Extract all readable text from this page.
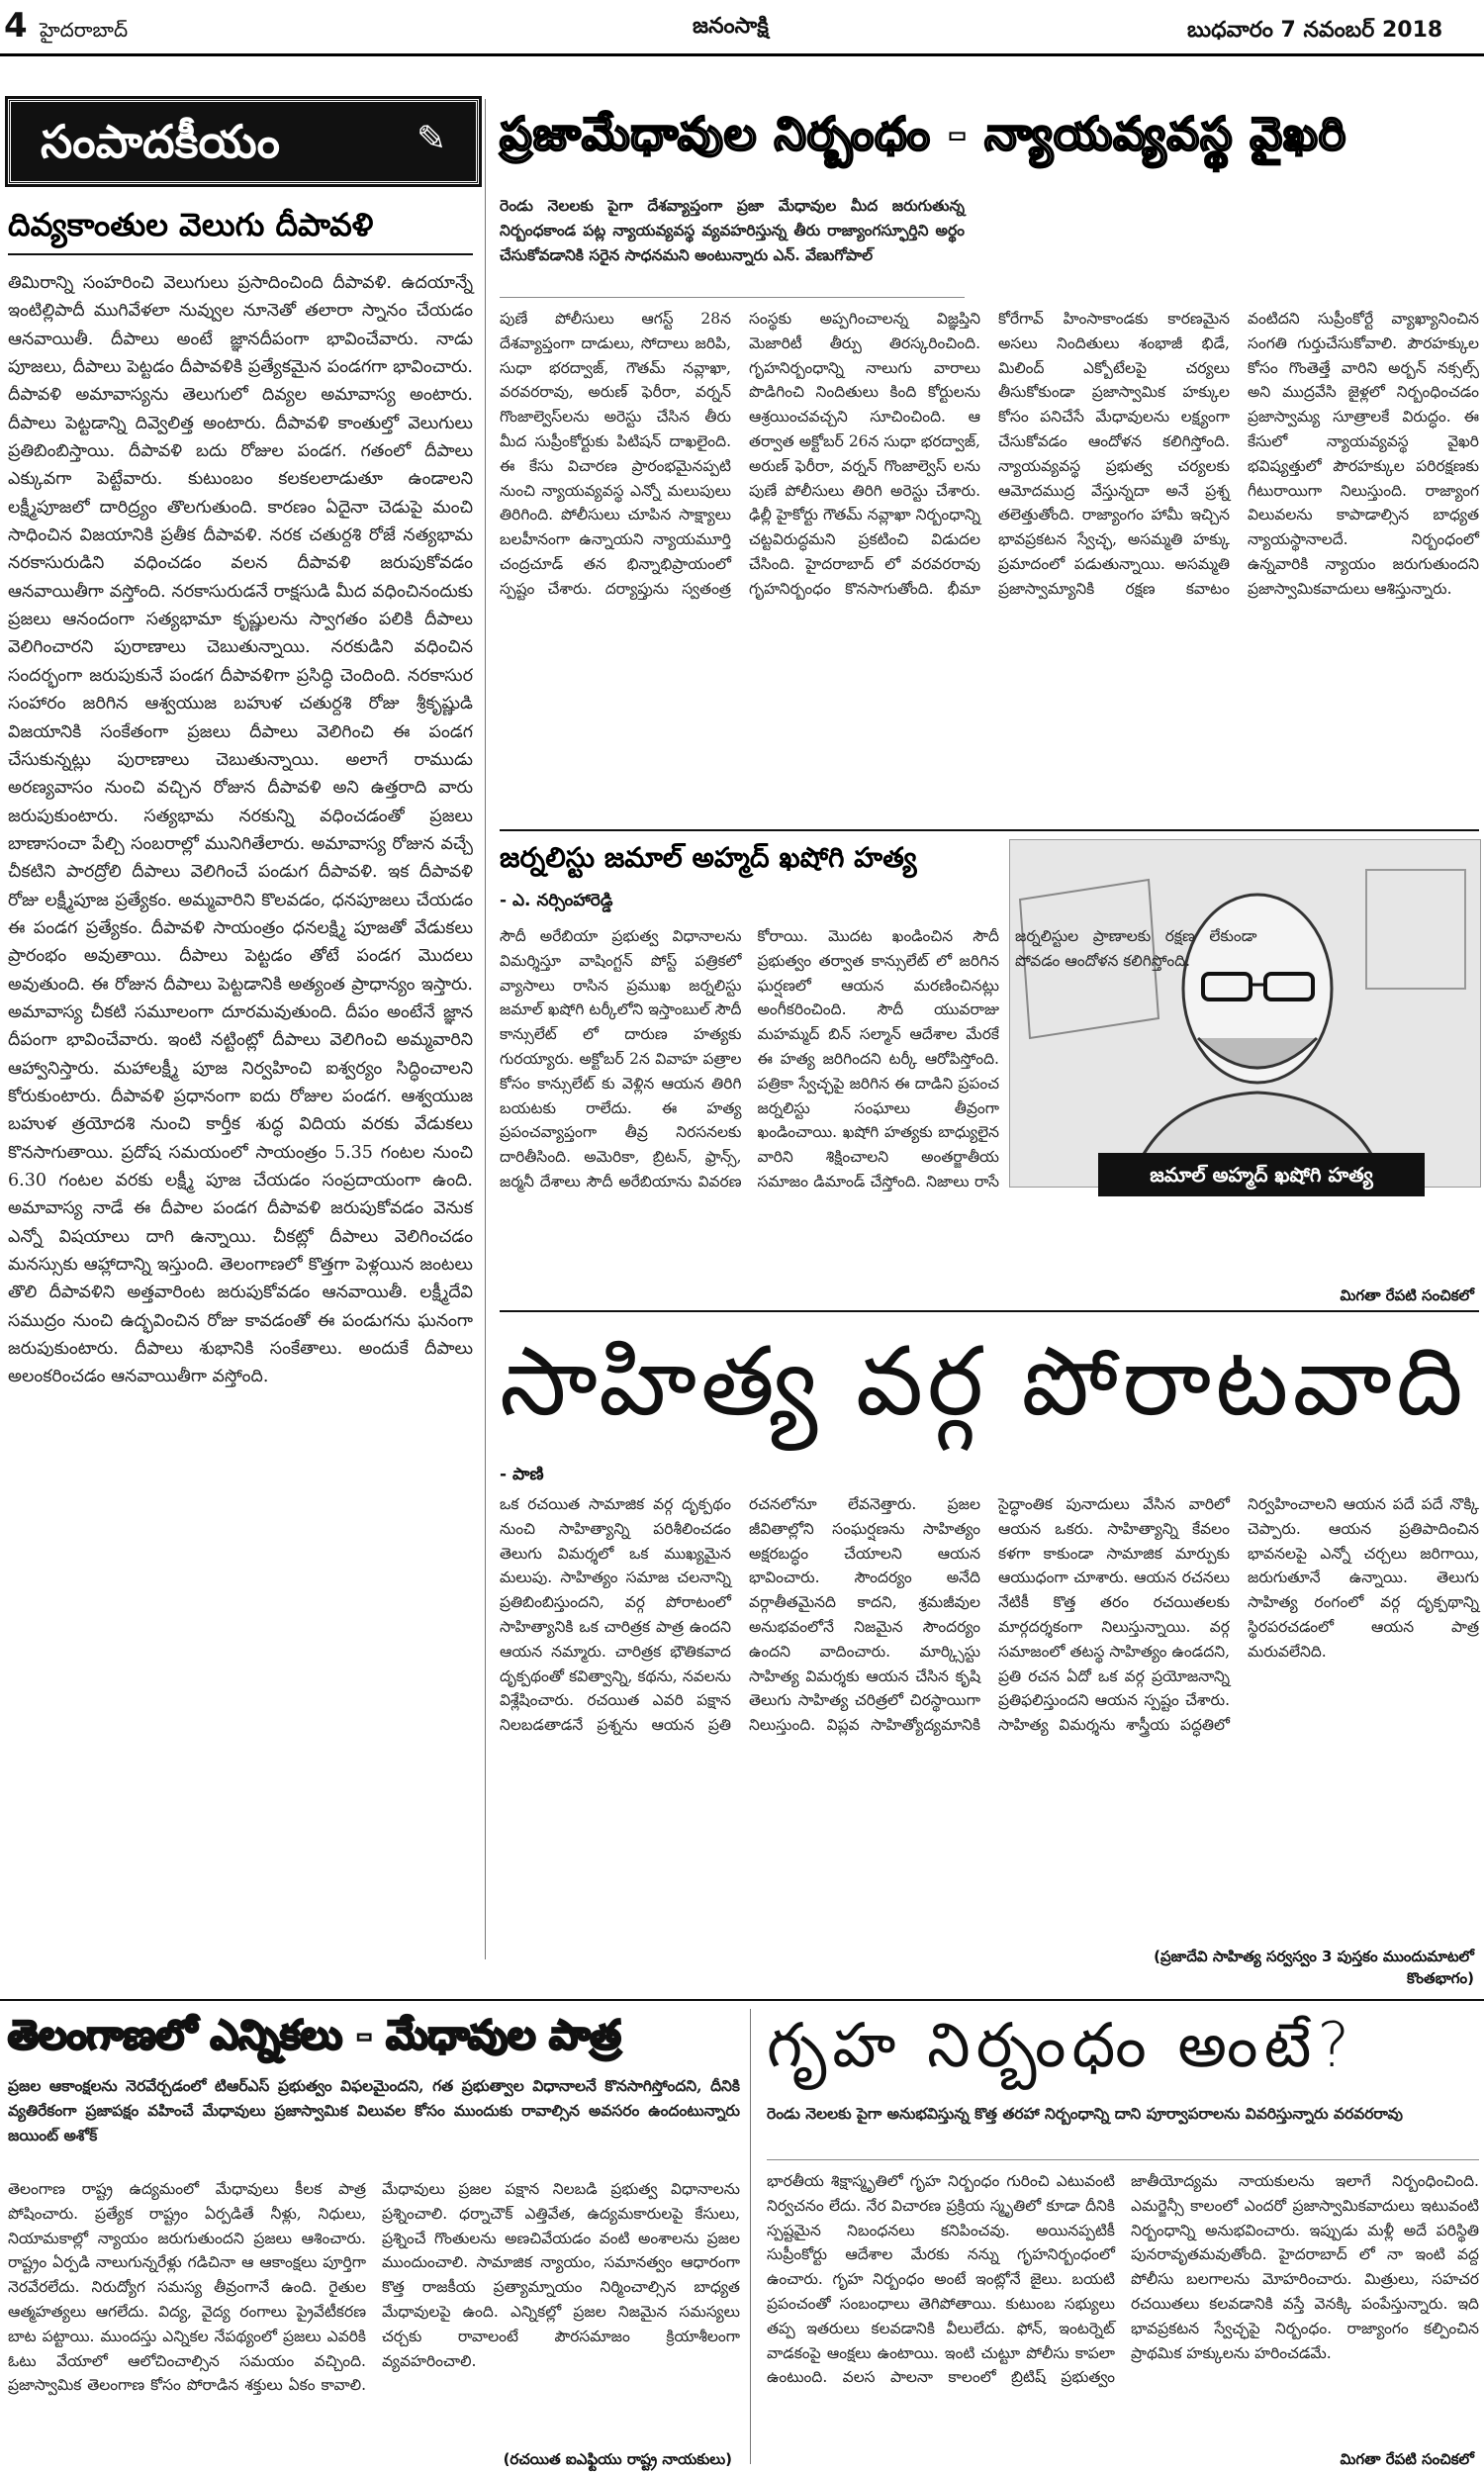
4 హైదరాబాద్	జనంసాక్షి	బుధవారం 7 నవంబర్ 2018
సంపాదకీయం	✎
దివ్యకాంతుల వెలుగు దీపావళి
తిమిరాన్ని సంహరించి వెలుగులు ప్రసాదించింది దీపావళి. ఉదయాన్నే ఇంటిల్లిపాదీ ముగివేళలా నువ్వుల నూనెతో తలారా స్నానం చేయడం ఆనవాయితీ. దీపాలు అంటే జ్ఞానదీపంగా భావించేవారు. నాడు పూజలు, దీపాలు పెట్టడం దీపావళికి ప్రత్యేకమైన పండగగా భావించారు. దీపావళి అమావాస్యను తెలుగులో దివ్యల అమావాస్య అంటారు. దీపాలు పెట్టడాన్ని దివ్వెలిత్త అంటారు. దీపావళి కాంతుల్తో వెలుగులు ప్రతిబింబిస్తాయి. దీపావళి బదు రోజుల పండగ. గతంలో దీపాలు ఎక్కువగా పెట్టేవారు. కుటుంబం కలకలలాడుతూ ఉండాలని లక్ష్మీపూజలో దారిద్ర్యం తొలగుతుంది. కారణం ఏదైనా చెడుపై మంచి సాధించిన విజయానికి ప్రతీక దీపావళి. నరక చతుర్దశి రోజే నత్యభామ నరకాసురుడిని వధించడం వలన దీపావళి జరుపుకోవడం ఆనవాయితీగా వస్తోంది. నరకాసురుడనే రాక్షసుడి మీద వధించినందుకు ప్రజలు ఆనందంగా సత్యభామా కృష్ణులను స్వాగతం పలికి దీపాలు వెలిగించారని పురాణాలు చెబుతున్నాయి. నరకుడిని వధించిన సందర్భంగా జరుపుకునే పండగ దీపావళిగా ప్రసిద్ధి చెందింది. నరకాసుర సంహారం జరిగిన ఆశ్వయుజ బహుళ చతుర్దశి రోజు శ్రీకృష్ణుడి విజయానికి సంకేతంగా ప్రజలు దీపాలు వెలిగించి ఈ పండగ చేసుకున్నట్లు పురాణాలు చెబుతున్నాయి. అలాగే రాముడు అరణ్యవాసం నుంచి వచ్చిన రోజున దీపావళి అని ఉత్తరాది వారు జరుపుకుంటారు. సత్యభామ నరకున్ని వధించడంతో ప్రజలు బాణాసంచా పేల్చి సంబరాల్లో మునిగితేలారు. అమావాస్య రోజున వచ్చే చీకటిని పారద్రోలి దీపాలు వెలిగించే పండుగ దీపావళి. ఇక దీపావళి రోజు లక్ష్మీపూజ ప్రత్యేకం. అమ్మవారిని కొలవడం, ధనపూజలు చేయడం ఈ పండగ ప్రత్యేకం. దీపావళి సాయంత్రం ధనలక్ష్మి పూజతో వేడుకలు ప్రారంభం అవుతాయి. దీపాలు పెట్టడం తోటే పండగ మొదలు అవుతుంది. ఈ రోజున దీపాలు పెట్టడానికి అత్యంత ప్రాధాన్యం ఇస్తారు. అమావాస్య చీకటి సమూలంగా దూరమవుతుంది. దీపం అంటేనే జ్ఞాన దీపంగా భావించేవారు. ఇంటి నట్టింట్లో దీపాలు వెలిగించి అమ్మవారిని ఆహ్వానిస్తారు. మహాలక్ష్మీ పూజ నిర్వహించి ఐశ్వర్యం సిద్ధించాలని కోరుకుంటారు. దీపావళి ప్రధానంగా ఐదు రోజుల పండగ. ఆశ్వయుజ బహుళ త్రయోదశి నుంచి కార్తీక శుద్ధ విదియ వరకు వేడుకలు కొనసాగుతాయి. ప్రదోష సమయంలో సాయంత్రం 5.35 గంటల నుంచి 6.30 గంటల వరకు లక్ష్మీ పూజ చేయడం సంప్రదాయంగా ఉంది. అమావాస్య నాడే ఈ దీపాల పండగ దీపావళి జరుపుకోవడం వెనుక ఎన్నో విషయాలు దాగి ఉన్నాయి. చీకట్లో దీపాలు వెలిగించడం మనస్సుకు ఆహ్లాదాన్ని ఇస్తుంది. తెలంగాణలో కొత్తగా పెళ్లయిన జంటలు తొలి దీపావళిని అత్తవారింట జరుపుకోవడం ఆనవాయితీ. లక్ష్మీదేవి సముద్రం నుంచి ఉద్భవించిన రోజు కావడంతో ఈ పండుగను ఘనంగా జరుపుకుంటారు. దీపాలు శుభానికి సంకేతాలు. అందుకే దీపాలు అలంకరించడం ఆనవాయితీగా వస్తోంది.
ప్రజామేధావుల నిర్బంధం - న్యాయవ్యవస్థ వైఖరి
రెండు నెలలకు పైగా దేశవ్యాప్తంగా ప్రజా మేధావుల మీద జరుగుతున్న నిర్బంధకాండ పట్ల న్యాయవ్యవస్థ వ్యవహరిస్తున్న తీరు రాజ్యాంగస్ఫూర్తిని అర్థం చేసుకోవడానికి సరైన సాధనమని అంటున్నారు ఎన్. వేణుగోపాల్
పుణే పోలీసులు ఆగస్ట్ 28న దేశవ్యాప్తంగా దాడులు, సోదాలు జరిపి, సుధా భరద్వాజ్, గౌతమ్ నవ్లాఖా, వరవరరావు, అరుణ్ ఫెరీరా, వర్నన్ గొంజాల్వెస్‌లను అరెస్టు చేసిన తీరు మీద సుప్రీంకోర్టుకు పిటిషన్ దాఖలైంది. ఈ కేసు విచారణ ప్రారంభమైనప్పటి నుంచి న్యాయవ్యవస్థ ఎన్నో మలుపులు తిరిగింది. పోలీసులు చూపిన సాక్ష్యాలు బలహీనంగా ఉన్నాయని న్యాయమూర్తి చంద్రచూడ్ తన భిన్నాభిప్రాయంలో స్పష్టం చేశారు. దర్యాప్తును స్వతంత్ర సంస్థకు అప్పగించాలన్న విజ్ఞప్తిని మెజారిటీ తీర్పు తిరస్కరించింది. గృహనిర్బంధాన్ని నాలుగు వారాలు పొడిగించి నిందితులు కింది కోర్టులను ఆశ్రయించవచ్చని సూచించింది. ఆ తర్వాత అక్టోబర్ 26న సుధా భరద్వాజ్, అరుణ్ ఫెరీరా, వర్నన్ గొంజాల్వెస్ లను పుణే పోలీసులు తిరిగి అరెస్టు చేశారు. ఢిల్లీ హైకోర్టు గౌతమ్ నవ్లాఖా నిర్బంధాన్ని చట్టవిరుద్ధమని ప్రకటించి విడుదల చేసింది. హైదరాబాద్ లో వరవరరావు గృహనిర్బంధం కొనసాగుతోంది. భీమా కోరేగావ్ హింసాకాండకు కారణమైన అసలు నిందితులు శంభాజీ భిడే, మిలింద్ ఎక్బోటేలపై చర్యలు తీసుకోకుండా ప్రజాస్వామిక హక్కుల కోసం పనిచేసే మేధావులను లక్ష్యంగా చేసుకోవడం ఆందోళన కలిగిస్తోంది. న్యాయవ్యవస్థ ప్రభుత్వ చర్యలకు ఆమోదముద్ర వేస్తున్నదా అనే ప్రశ్న తలెత్తుతోంది. రాజ్యాంగం హామీ ఇచ్చిన భావప్రకటన స్వేచ్ఛ, అసమ్మతి హక్కు ప్రమాదంలో పడుతున్నాయి. అసమ్మతి ప్రజాస్వామ్యానికి రక్షణ కవాటం వంటిదని సుప్రీంకోర్టే వ్యాఖ్యానించిన సంగతి గుర్తుచేసుకోవాలి. పౌరహక్కుల కోసం గొంతెత్తే వారిని అర్బన్ నక్సల్స్ అని ముద్రవేసి జైళ్లలో నిర్బంధించడం ప్రజాస్వామ్య సూత్రాలకే విరుద్ధం. ఈ కేసులో న్యాయవ్యవస్థ వైఖరి భవిష్యత్తులో పౌరహక్కుల పరిరక్షణకు గీటురాయిగా నిలుస్తుంది. రాజ్యాంగ విలువలను కాపాడాల్సిన బాధ్యత న్యాయస్థానాలదే. నిర్బంధంలో ఉన్నవారికి న్యాయం జరుగుతుందని ప్రజాస్వామికవాదులు ఆశిస్తున్నారు.
జర్నలిస్టు జమాల్ అహ్మద్ ఖషోగి హత్య
- ఎ. నర్సింహారెడ్డి
జమాల్ అహ్మద్ ఖషోగి హత్య
సౌదీ అరేబియా ప్రభుత్వ విధానాలను విమర్శిస్తూ వాషింగ్టన్ పోస్ట్ పత్రికలో వ్యాసాలు రాసిన ప్రముఖ జర్నలిస్టు జమాల్ ఖషోగి టర్కీలోని ఇస్తాంబుల్ సౌదీ కాన్సులేట్ లో దారుణ హత్యకు గురయ్యారు. అక్టోబర్ 2న వివాహ పత్రాల కోసం కాన్సులేట్ కు వెళ్లిన ఆయన తిరిగి బయటకు రాలేదు. ఈ హత్య ప్రపంచవ్యాప్తంగా తీవ్ర నిరసనలకు దారితీసింది. అమెరికా, బ్రిటన్, ఫ్రాన్స్, జర్మనీ దేశాలు సౌదీ అరేబియాను వివరణ కోరాయి. మొదట ఖండించిన సౌదీ ప్రభుత్వం తర్వాత కాన్సులేట్ లో జరిగిన ఘర్షణలో ఆయన మరణించినట్లు అంగీకరించింది. సౌదీ యువరాజు మహమ్మద్ బిన్ సల్మాన్ ఆదేశాల మేరకే ఈ హత్య జరిగిందని టర్కీ ఆరోపిస్తోంది. పత్రికా స్వేచ్ఛపై జరిగిన ఈ దాడిని ప్రపంచ జర్నలిస్టు సంఘాలు తీవ్రంగా ఖండించాయి. ఖషోగి హత్యకు బాధ్యులైన వారిని శిక్షించాలని అంతర్జాతీయ సమాజం డిమాండ్ చేస్తోంది. నిజాలు రాసే
మిగతా రేపటి సంచికలో
సాహిత్య వర్గ పోరాటవాది
- పాణి
ఒక రచయిత సామాజిక వర్గ దృక్పథం నుంచి సాహిత్యాన్ని పరిశీలించడం తెలుగు విమర్శలో ఒక ముఖ్యమైన మలుపు. సాహిత్యం సమాజ చలనాన్ని ప్రతిబింబిస్తుందని, వర్గ పోరాటంలో సాహిత్యానికి ఒక చారిత్రక పాత్ర ఉందని ఆయన నమ్మారు. చారిత్రక భౌతికవాద దృక్పథంతో కవిత్వాన్ని, కథను, నవలను విశ్లేషించారు. రచయిత ఎవరి పక్షాన నిలబడతాడనే ప్రశ్నను ఆయన ప్రతి రచనలోనూ లేవనెత్తారు. ప్రజల జీవితాల్లోని సంఘర్షణను సాహిత్యం అక్షరబద్ధం చేయాలని ఆయన భావించారు. సౌందర్యం అనేది వర్గాతీతమైనది కాదని, శ్రమజీవుల అనుభవంలోనే నిజమైన సౌందర్యం ఉందని వాదించారు. మార్క్సిస్టు సాహిత్య విమర్శకు ఆయన చేసిన కృషి తెలుగు సాహిత్య చరిత్రలో చిరస్థాయిగా నిలుస్తుంది. విప్లవ సాహిత్యోద్యమానికి సైద్ధాంతిక పునాదులు వేసిన వారిలో ఆయన ఒకరు. సాహిత్యాన్ని కేవలం కళగా కాకుండా సామాజిక మార్పుకు ఆయుధంగా చూశారు. ఆయన రచనలు నేటికీ కొత్త తరం రచయితలకు మార్గదర్శకంగా నిలుస్తున్నాయి. వర్గ సమాజంలో తటస్థ సాహిత్యం ఉండదని, ప్రతి రచన ఏదో ఒక వర్గ ప్రయోజనాన్ని ప్రతిఫలిస్తుందని ఆయన స్పష్టం చేశారు. సాహిత్య విమర్శను శాస్త్రీయ పద్ధతిలో నిర్వహించాలని ఆయన పదే పదే నొక్కి చెప్పారు. ఆయన ప్రతిపాదించిన భావనలపై ఎన్నో చర్చలు జరిగాయి, జరుగుతూనే ఉన్నాయి. తెలుగు సాహిత్య రంగంలో వర్గ దృక్పథాన్ని స్థిరపరచడంలో ఆయన పాత్ర మరువలేనిది.
(ప్రజాదేవి సాహిత్య సర్వస్వం 3 పుస్తకం ముందుమాటలో కొంతభాగం)
తెలంగాణలో ఎన్నికలు - మేధావుల పాత్ర
ప్రజల ఆకాంక్షలను నెరవేర్చడంలో టిఆర్ఎస్ ప్రభుత్వం విఫలమైందని, గత ప్రభుత్వాల విధానాలనే కొనసాగిస్తోందని, దీనికి వ్యతిరేకంగా ప్రజాపక్షం వహించే మేధావులు ప్రజాస్వామిక విలువల కోసం ముందుకు రావాల్సిన అవసరం ఉందంటున్నారు జయింట్ అశోక్
తెలంగాణ రాష్ట్ర ఉద్యమంలో మేధావులు కీలక పాత్ర పోషించారు. ప్రత్యేక రాష్ట్రం ఏర్పడితే నీళ్లు, నిధులు, నియామకాల్లో న్యాయం జరుగుతుందని ప్రజలు ఆశించారు. రాష్ట్రం ఏర్పడి నాలుగున్నరేళ్లు గడిచినా ఆ ఆకాంక్షలు పూర్తిగా నెరవేరలేదు. నిరుద్యోగ సమస్య తీవ్రంగానే ఉంది. రైతుల ఆత్మహత్యలు ఆగలేదు. విద్య, వైద్య రంగాలు ప్రైవేటీకరణ బాట పట్టాయి. ముందస్తు ఎన్నికల నేపథ్యంలో ప్రజలు ఎవరికి ఓటు వేయాలో ఆలోచించాల్సిన సమయం వచ్చింది. ప్రజాస్వామిక తెలంగాణ కోసం పోరాడిన శక్తులు ఏకం కావాలి. మేధావులు ప్రజల పక్షాన నిలబడి ప్రభుత్వ విధానాలను ప్రశ్నించాలి. ధర్నాచౌక్ ఎత్తివేత, ఉద్యమకారులపై కేసులు, ప్రశ్నించే గొంతులను అణచివేయడం వంటి అంశాలను ప్రజల ముందుంచాలి. సామాజిక న్యాయం, సమానత్వం ఆధారంగా కొత్త రాజకీయ ప్రత్యామ్నాయం నిర్మించాల్సిన బాధ్యత మేధావులపై ఉంది. ఎన్నికల్లో ప్రజల నిజమైన సమస్యలు చర్చకు రావాలంటే పౌరసమాజం క్రియాశీలంగా వ్యవహరించాలి.
(రచయిత ఐఎఫ్టియు రాష్ట్ర నాయకులు)
గృహ నిర్బంధం అంటే?
రెండు నెలలకు పైగా అనుభవిస్తున్న కొత్త తరహా నిర్బంధాన్ని దాని పూర్వాపరాలను వివరిస్తున్నారు వరవరరావు
భారతీయ శిక్షాస్మృతిలో గృహ నిర్బంధం గురించి ఎటువంటి నిర్వచనం లేదు. నేర విచారణ ప్రక్రియ స్మృతిలో కూడా దీనికి స్పష్టమైన నిబంధనలు కనిపించవు. అయినప్పటికీ సుప్రీంకోర్టు ఆదేశాల మేరకు నన్ను గృహనిర్బంధంలో ఉంచారు. గృహ నిర్బంధం అంటే ఇంట్లోనే జైలు. బయటి ప్రపంచంతో సంబంధాలు తెగిపోతాయి. కుటుంబ సభ్యులు తప్ప ఇతరులు కలవడానికి వీలులేదు. ఫోన్, ఇంటర్నెట్ వాడకంపై ఆంక్షలు ఉంటాయి. ఇంటి చుట్టూ పోలీసు కాపలా ఉంటుంది. వలస పాలనా కాలంలో బ్రిటిష్ ప్రభుత్వం జాతీయోద్యమ నాయకులను ఇలాగే నిర్బంధించింది. ఎమర్జెన్సీ కాలంలో ఎందరో ప్రజాస్వామికవాదులు ఇటువంటి నిర్బంధాన్ని అనుభవించారు. ఇప్పుడు మళ్లీ అదే పరిస్థితి పునరావృతమవుతోంది. హైదరాబాద్ లో నా ఇంటి వద్ద పోలీసు బలగాలను మోహరించారు. మిత్రులు, సహచర రచయితలు కలవడానికి వస్తే వెనక్కి పంపేస్తున్నారు. ఇది భావప్రకటన స్వేచ్ఛపై నిర్బంధం. రాజ్యాంగం కల్పించిన ప్రాథమిక హక్కులను హరించడమే.
మిగతా రేపటి సంచికలో
